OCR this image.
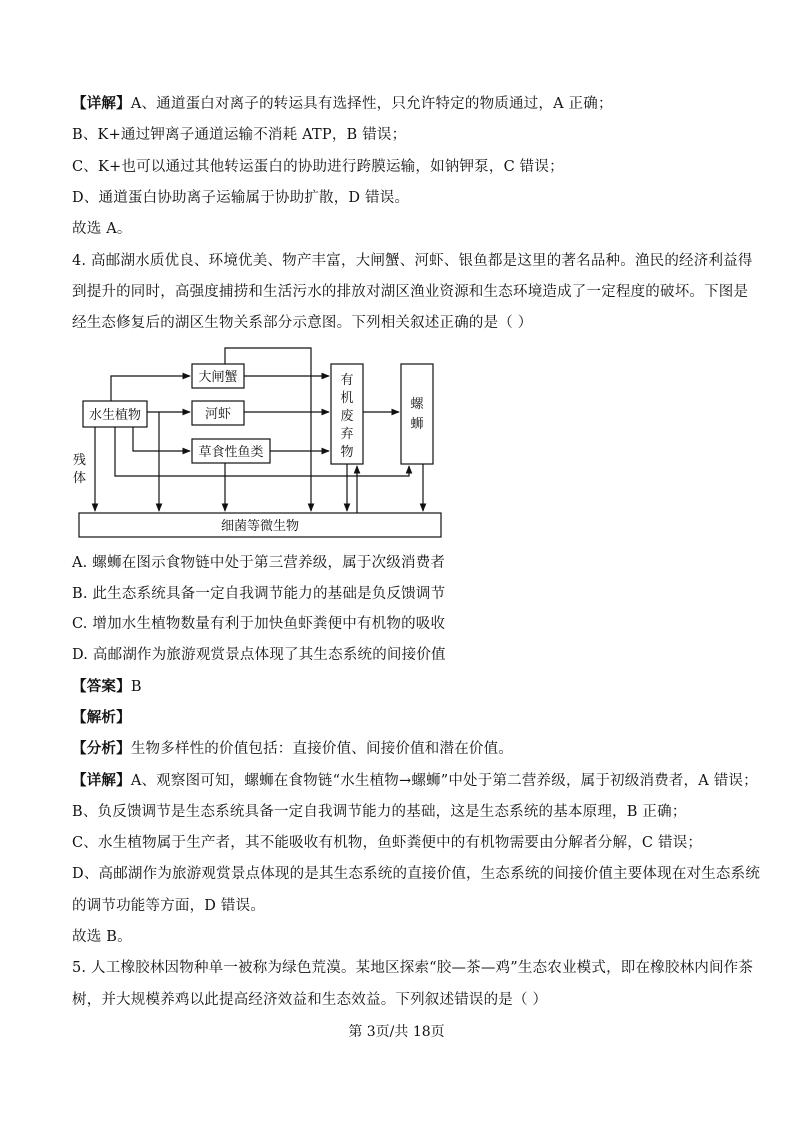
【详解】A、通道蛋白对离子的转运具有选择性，只允许特定的物质通过，A 正确；
B、K+通过钾离子通道运输不消耗 ATP，B 错误；
C、K+也可以通过其他转运蛋白的协助进行跨膜运输，如钠钾泵，C 错误；
D、通道蛋白协助离子运输属于协助扩散，D 错误。
故选 A。
4. 高邮湖水质优良、环境优美、物产丰富，大闸蟹、河虾、银鱼都是这里的著名品种。渔民的经济利益得
到提升的同时，高强度捕捞和生活污水的排放对湖区渔业资源和生态环境造成了一定程度的破坏。下图是
经生态修复后的湖区生物关系部分示意图。下列相关叙述正确的是（ ）
水生植物
大闸蟹
河虾
草食性鱼类
有
机
废
弃
物
螺
蛳
残
体
细菌等微生物
A. 螺蛳在图示食物链中处于第三营养级，属于次级消费者
B. 此生态系统具备一定自我调节能力的基础是负反馈调节
C. 增加水生植物数量有利于加快鱼虾粪便中有机物的吸收
D. 高邮湖作为旅游观赏景点体现了其生态系统的间接价值
【答案】B
【解析】
【分析】生物多样性的价值包括：直接价值、间接价值和潜在价值。
【详解】A、观察图可知，螺蛳在食物链“水生植物→螺蛳”中处于第二营养级，属于初级消费者，A 错误；
B、负反馈调节是生态系统具备一定自我调节能力的基础，这是生态系统的基本原理，B 正确；
C、水生植物属于生产者，其不能吸收有机物，鱼虾粪便中的有机物需要由分解者分解，C 错误；
D、高邮湖作为旅游观赏景点体现的是其生态系统的直接价值，生态系统的间接价值主要体现在对生态系统
的调节功能等方面，D 错误。
故选 B。
5. 人工橡胶林因物种单一被称为绿色荒漠。某地区探索“胶—茶—鸡”生态农业模式，即在橡胶林内间作茶
树，并大规模养鸡以此提高经济效益和生态效益。下列叙述错误的是（ ）
第 3页/共 18页
